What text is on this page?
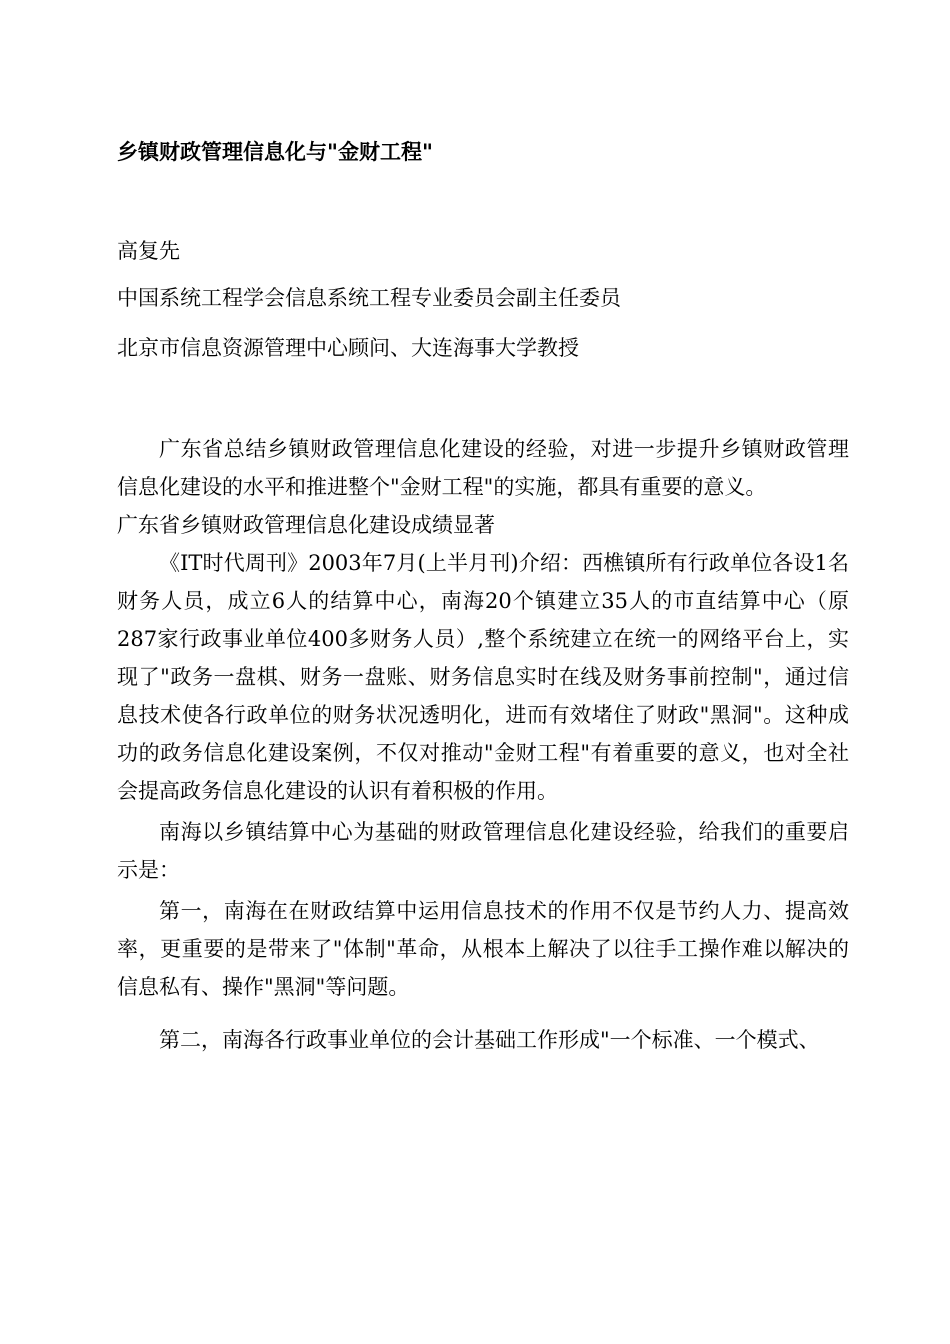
乡镇财政管理信息化与"金财工程"
高复先
中国系统工程学会信息系统工程专业委员会副主任委员
北京市信息资源管理中心顾问、大连海事大学教授

广东省总结乡镇财政管理信息化建设的经验，对进一步提升乡镇财政管理信息化建设的水平和推进整个"金财工程"的实施，都具有重要的意义。

广东省乡镇财政管理信息化建设成绩显著

《IT时代周刊》2003年7月(上半月刊)介绍：西樵镇所有行政单位各设1名财务人员，成立6人的结算中心，南海20个镇建立35人的市直结算中心（原287家行政事业单位400多财务人员）,整个系统建立在统一的网络平台上，实现了"政务一盘棋、财务一盘账、财务信息实时在线及财务事前控制"，通过信息技术使各行政单位的财务状况透明化，进而有效堵住了财政"黑洞"。这种成功的政务信息化建设案例，不仅对推动"金财工程"有着重要的意义，也对全社会提高政务信息化建设的认识有着积极的作用。

南海以乡镇结算中心为基础的财政管理信息化建设经验，给我们的重要启示是：

第一，南海在在财政结算中运用信息技术的作用不仅是节约人力、提高效率，更重要的是带来了"体制"革命，从根本上解决了以往手工操作难以解决的信息私有、操作"黑洞"等问题。

第二，南海各行政事业单位的会计基础工作形成"一个标准、一个模式、
